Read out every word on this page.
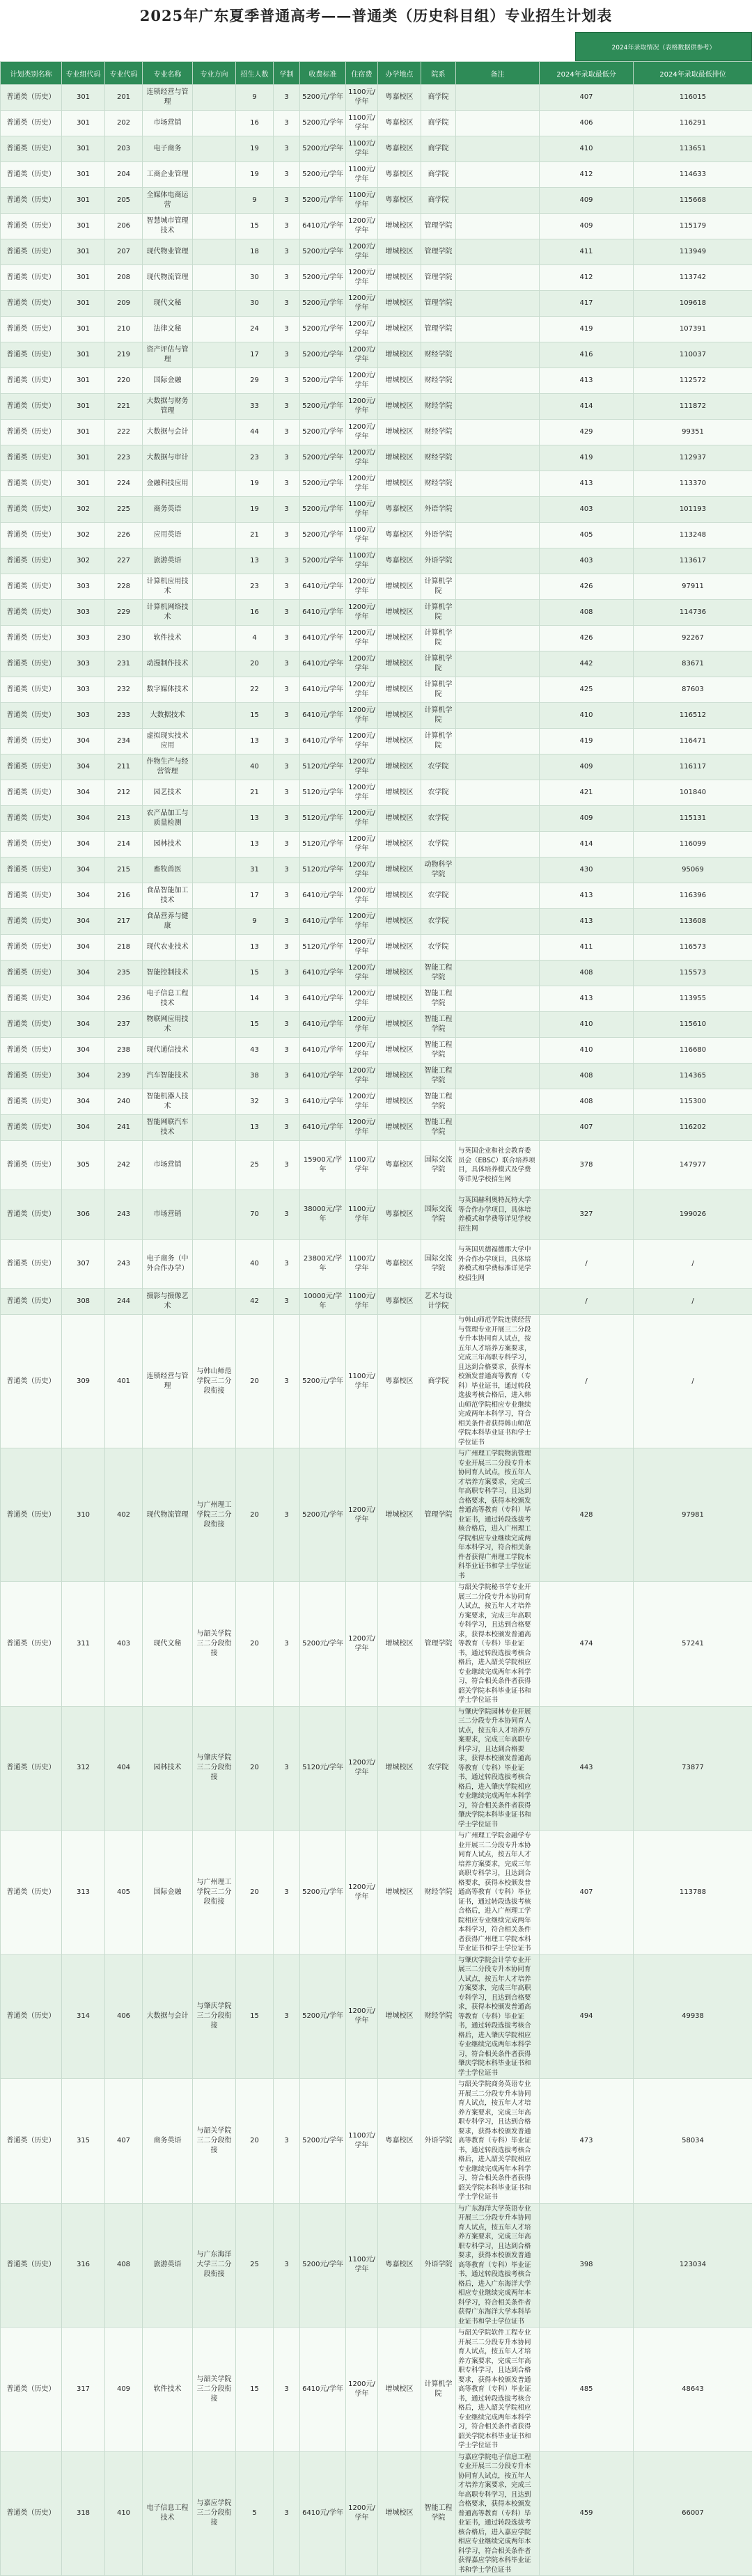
2025年广东夏季普通高考——普通类（历史科目组）专业招生计划表
2024年录取情况（表格数据供参考）
计划类别名称	专业组代码	专业代码	专业名称	专业方向	招生人数	学制	收费标准	住宿费	办学地点	院系	备注	2024年录取最低分	2024年录取最低排位
普通类（历史）	301	201	连锁经营与管理		9	3	5200元/学年	1100元/学年	粤嘉校区	商学院		407	116015
普通类（历史）	301	202	市场营销		16	3	5200元/学年	1100元/学年	粤嘉校区	商学院		406	116291
普通类（历史）	301	203	电子商务		19	3	5200元/学年	1100元/学年	粤嘉校区	商学院		410	113651
普通类（历史）	301	204	工商企业管理		19	3	5200元/学年	1100元/学年	粤嘉校区	商学院		412	114633
普通类（历史）	301	205	全媒体电商运营		9	3	5200元/学年	1100元/学年	粤嘉校区	商学院		409	115668
普通类（历史）	301	206	智慧城市管理技术		15	3	6410元/学年	1200元/学年	增城校区	管理学院		409	115179
普通类（历史）	301	207	现代物业管理		18	3	5200元/学年	1200元/学年	增城校区	管理学院		411	113949
普通类（历史）	301	208	现代物流管理		30	3	5200元/学年	1200元/学年	增城校区	管理学院		412	113742
普通类（历史）	301	209	现代文秘		30	3	5200元/学年	1200元/学年	增城校区	管理学院		417	109618
普通类（历史）	301	210	法律文秘		24	3	5200元/学年	1200元/学年	增城校区	管理学院		419	107391
普通类（历史）	301	219	资产评估与管理		17	3	5200元/学年	1200元/学年	增城校区	财经学院		416	110037
普通类（历史）	301	220	国际金融		29	3	5200元/学年	1200元/学年	增城校区	财经学院		413	112572
普通类（历史）	301	221	大数据与财务管理		33	3	5200元/学年	1200元/学年	增城校区	财经学院		414	111872
普通类（历史）	301	222	大数据与会计		44	3	5200元/学年	1200元/学年	增城校区	财经学院		429	99351
普通类（历史）	301	223	大数据与审计		23	3	5200元/学年	1200元/学年	增城校区	财经学院		419	112937
普通类（历史）	301	224	金融科技应用		19	3	5200元/学年	1200元/学年	增城校区	财经学院		413	113370
普通类（历史）	302	225	商务英语		19	3	5200元/学年	1100元/学年	粤嘉校区	外语学院		403	101193
普通类（历史）	302	226	应用英语		21	3	5200元/学年	1100元/学年	粤嘉校区	外语学院		405	113248
普通类（历史）	302	227	旅游英语		13	3	5200元/学年	1100元/学年	粤嘉校区	外语学院		403	113617
普通类（历史）	303	228	计算机应用技术		23	3	6410元/学年	1200元/学年	增城校区	计算机学院		426	97911
普通类（历史）	303	229	计算机网络技术		16	3	6410元/学年	1200元/学年	增城校区	计算机学院		408	114736
普通类（历史）	303	230	软件技术		4	3	6410元/学年	1200元/学年	增城校区	计算机学院		426	92267
普通类（历史）	303	231	动漫制作技术		20	3	6410元/学年	1200元/学年	增城校区	计算机学院		442	83671
普通类（历史）	303	232	数字媒体技术		22	3	6410元/学年	1200元/学年	增城校区	计算机学院		425	87603
普通类（历史）	303	233	大数据技术		15	3	6410元/学年	1200元/学年	增城校区	计算机学院		410	116512
普通类（历史）	304	234	虚拟现实技术应用		13	3	6410元/学年	1200元/学年	增城校区	计算机学院		419	116471
普通类（历史）	304	211	作物生产与经营管理		40	3	5120元/学年	1200元/学年	增城校区	农学院		409	116117
普通类（历史）	304	212	园艺技术		21	3	5120元/学年	1200元/学年	增城校区	农学院		421	101840
普通类（历史）	304	213	农产品加工与质量检测		13	3	5120元/学年	1200元/学年	增城校区	农学院		409	115131
普通类（历史）	304	214	园林技术		13	3	5120元/学年	1200元/学年	增城校区	农学院		414	116099
普通类（历史）	304	215	畜牧兽医		31	3	5120元/学年	1200元/学年	增城校区	动物科学学院		430	95069
普通类（历史）	304	216	食品智能加工技术		17	3	6410元/学年	1200元/学年	增城校区	农学院		413	116396
普通类（历史）	304	217	食品营养与健康		9	3	6410元/学年	1200元/学年	增城校区	农学院		413	113608
普通类（历史）	304	218	现代农业技术		13	3	5120元/学年	1200元/学年	增城校区	农学院		411	116573
普通类（历史）	304	235	智能控制技术		15	3	6410元/学年	1200元/学年	增城校区	智能工程学院		408	115573
普通类（历史）	304	236	电子信息工程技术		14	3	6410元/学年	1200元/学年	增城校区	智能工程学院		413	113955
普通类（历史）	304	237	物联网应用技术		15	3	6410元/学年	1200元/学年	增城校区	智能工程学院		410	115610
普通类（历史）	304	238	现代通信技术		43	3	6410元/学年	1200元/学年	增城校区	智能工程学院		410	116680
普通类（历史）	304	239	汽车智能技术		38	3	6410元/学年	1200元/学年	增城校区	智能工程学院		408	114365
普通类（历史）	304	240	智能机器人技术		32	3	6410元/学年	1200元/学年	增城校区	智能工程学院		408	115300
普通类（历史）	304	241	智能网联汽车技术		13	3	6410元/学年	1200元/学年	增城校区	智能工程学院		407	116202
普通类（历史）	305	242	市场营销		25	3	15900元/学年	1100元/学年	粤嘉校区	国际交流学院	与英国企业和社会教育委员会（EBSC）联合培养项目，具体培养模式及学费等详见学校招生网	378	147977
普通类（历史）	306	243	市场营销		70	3	38000元/学年	1100元/学年	粤嘉校区	国际交流学院	与英国赫利奥特瓦特大学等合作办学项目，具体培养模式和学费等详见学校招生网	327	199026
普通类（历史）	307	243	电子商务（中外合作办学）		40	3	23800元/学年	1100元/学年	粤嘉校区	国际交流学院	与英国贝德福德郡大学中外合作办学项目，具体培养模式和学费标准详见学校招生网	/	/
普通类（历史）	308	244	摄影与摄像艺术		42	3	10000元/学年	1100元/学年	粤嘉校区	艺术与设计学院		/	/
普通类（历史）	309	401	连锁经营与管理	与韩山师范学院三二分段衔接	20	3	5200元/学年	1100元/学年	粤嘉校区	商学院	与韩山师范学院连锁经营与管理专业开展三二分段专升本协同育人试点，按五年人才培养方案要求，完成三年高职专科学习，且达到合格要求，获得本校颁发普通高等教育（专科）毕业证书，通过转段选拔考核合格后，进入韩山师范学院相应专业继续完成两年本科学习，符合相关条件者获得韩山师范学院本科毕业证书和学士学位证书	/	/
普通类（历史）	310	402	现代物流管理	与广州理工学院三二分段衔接	20	3	5200元/学年	1200元/学年	增城校区	管理学院	与广州理工学院物流管理专业开展三二分段专升本协同育人试点，按五年人才培养方案要求，完成三年高职专科学习，且达到合格要求，获得本校颁发普通高等教育（专科）毕业证书，通过转段选拔考核合格后，进入广州理工学院相应专业继续完成两年本科学习，符合相关条件者获得广州理工学院本科毕业证书和学士学位证书	428	97981
普通类（历史）	311	403	现代文秘	与韶关学院三二分段衔接	20	3	5200元/学年	1200元/学年	增城校区	管理学院	与韶关学院秘书学专业开展三二分段专升本协同育人试点，按五年人才培养方案要求，完成三年高职专科学习，且达到合格要求，获得本校颁发普通高等教育（专科）毕业证书，通过转段选拔考核合格后，进入韶关学院相应专业继续完成两年本科学习，符合相关条件者获得韶关学院本科毕业证书和学士学位证书	474	57241
普通类（历史）	312	404	园林技术	与肇庆学院三二分段衔接	20	3	5120元/学年	1200元/学年	增城校区	农学院	与肇庆学院园林专业开展三二分段专升本协同育人试点，按五年人才培养方案要求，完成三年高职专科学习，且达到合格要求，获得本校颁发普通高等教育（专科）毕业证书，通过转段选拔考核合格后，进入肇庆学院相应专业继续完成两年本科学习，符合相关条件者获得肇庆学院本科毕业证书和学士学位证书	443	73877
普通类（历史）	313	405	国际金融	与广州理工学院三二分段衔接	20	3	5200元/学年	1200元/学年	增城校区	财经学院	与广州理工学院金融学专业开展三二分段专升本协同育人试点，按五年人才培养方案要求，完成三年高职专科学习，且达到合格要求，获得本校颁发普通高等教育（专科）毕业证书，通过转段选拔考核合格后，进入广州理工学院相应专业继续完成两年本科学习，符合相关条件者获得广州理工学院本科毕业证书和学士学位证书	407	113788
普通类（历史）	314	406	大数据与会计	与肇庆学院三二分段衔接	15	3	5200元/学年	1200元/学年	增城校区	财经学院	与肇庆学院会计学专业开展三二分段专升本协同育人试点，按五年人才培养方案要求，完成三年高职专科学习，且达到合格要求，获得本校颁发普通高等教育（专科）毕业证书，通过转段选拔考核合格后，进入肇庆学院相应专业继续完成两年本科学习，符合相关条件者获得肇庆学院本科毕业证书和学士学位证书	494	49938
普通类（历史）	315	407	商务英语	与韶关学院三二分段衔接	20	3	5200元/学年	1100元/学年	粤嘉校区	外语学院	与韶关学院商务英语专业开展三二分段专升本协同育人试点，按五年人才培养方案要求，完成三年高职专科学习，且达到合格要求，获得本校颁发普通高等教育（专科）毕业证书，通过转段选拔考核合格后，进入韶关学院相应专业继续完成两年本科学习，符合相关条件者获得韶关学院本科毕业证书和学士学位证书	473	58034
普通类（历史）	316	408	旅游英语	与广东海洋大学三二分段衔接	25	3	5200元/学年	1100元/学年	粤嘉校区	外语学院	与广东海洋大学英语专业开展三二分段专升本协同育人试点，按五年人才培养方案要求，完成三年高职专科学习，且达到合格要求，获得本校颁发普通高等教育（专科）毕业证书，通过转段选拔考核合格后，进入广东海洋大学相应专业继续完成两年本科学习，符合相关条件者获得广东海洋大学本科毕业证书和学士学位证书	398	123034
普通类（历史）	317	409	软件技术	与韶关学院三二分段衔接	15	3	6410元/学年	1200元/学年	增城校区	计算机学院	与韶关学院软件工程专业开展三二分段专升本协同育人试点，按五年人才培养方案要求，完成三年高职专科学习，且达到合格要求，获得本校颁发普通高等教育（专科）毕业证书，通过转段选拔考核合格后，进入韶关学院相应专业继续完成两年本科学习，符合相关条件者获得韶关学院本科毕业证书和学士学位证书	485	48643
普通类（历史）	318	410	电子信息工程技术	与嘉应学院三二分段衔接	5	3	6410元/学年	1200元/学年	增城校区	智能工程学院	与嘉应学院电子信息工程专业开展三二分段专升本协同育人试点，按五年人才培养方案要求，完成三年高职专科学习，且达到合格要求，获得本校颁发普通高等教育（专科）毕业证书，通过转段选拔考核合格后，进入嘉应学院相应专业继续完成两年本科学习，符合相关条件者获得嘉应学院本科毕业证书和学士学位证书	459	66007
